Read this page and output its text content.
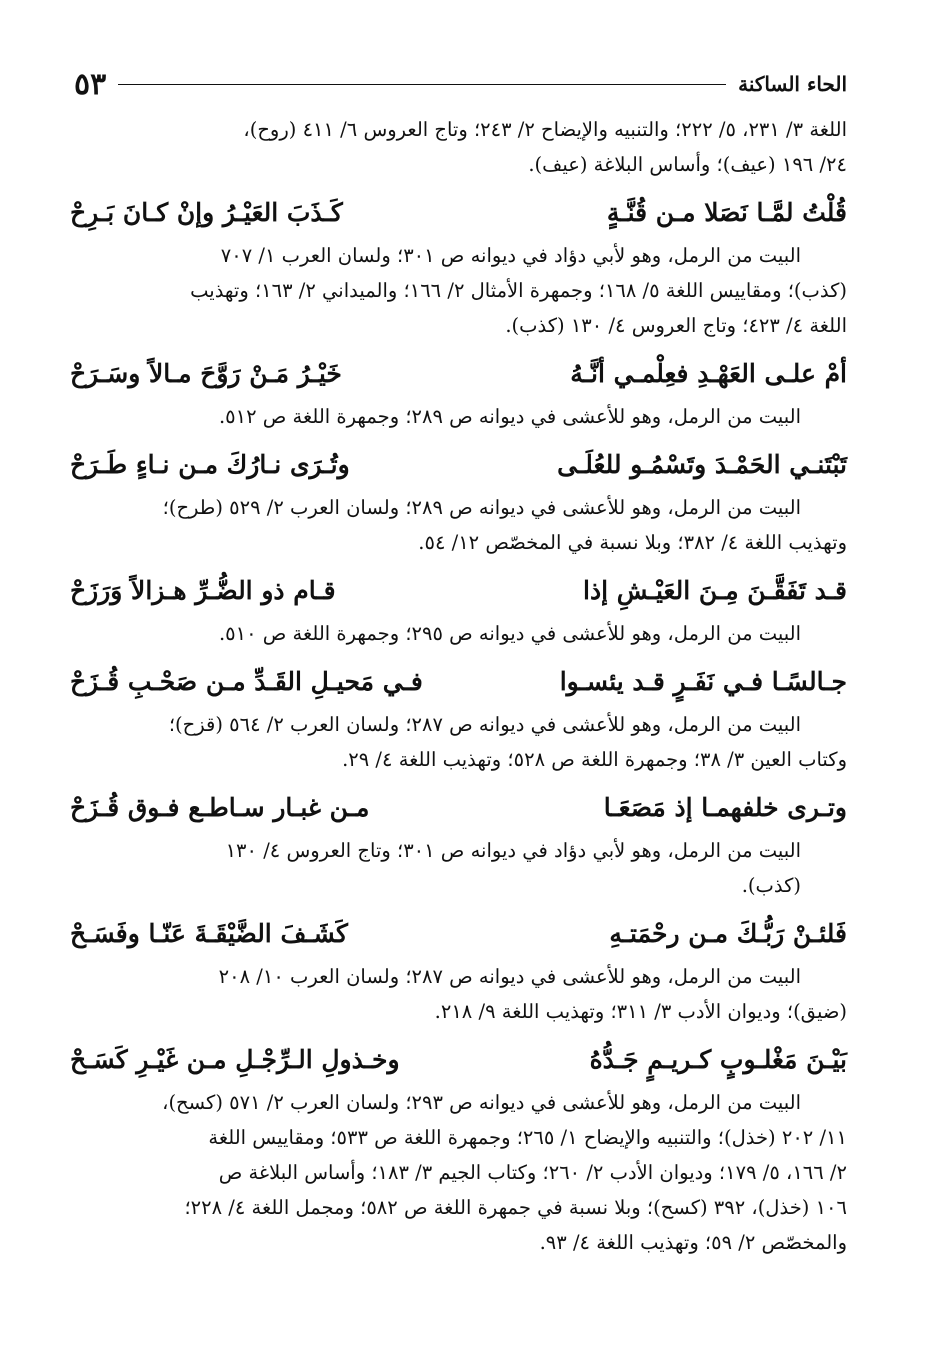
الحاء الساكنة
٥٣
اللغة ٣/ ٢٣١، ٥/ ٢٢٢؛ والتنبيه والإيضاح ٢/ ٢٤٣؛ وتاج العروس ٦/ ٤١١ (روح)،
٢٤/ ١٩٦ (عيف)؛ وأساس البلاغة (عيف).
قُلْتُ لمَّـا نَصَلا مـن قُنَّـةٍ
كَـذَبَ العَيْـرُ وإنْ كـانَ بَـرِحْ
البيت من الرمل، وهو لأبي دؤاد في ديوانه ص ٣٠١؛ ولسان العرب ١/ ٧٠٧
(كذب)؛ ومقاييس اللغة ٥/ ١٦٨؛ وجمهرة الأمثال ٢/ ١٦٦؛ والميداني ٢/ ١٦٣؛ وتهذيب
اللغة ٤/ ٤٢٣؛ وتاج العروس ٤/ ١٣٠ (كذب).
أمْ علـى العَهْـدِ فعِلْمـي أنَّـهُ
خَيْـرُ مَـنْ رَوَّحَ مـالاً وسَـرَحْ
البيت من الرمل، وهو للأعشى في ديوانه ص ٢٨٩؛ وجمهرة اللغة ص ٥١٢.
تَبْتَنـي الحَمْـدَ وتَسْمُـو للعُلَـى
وتُـرَى نـارُكَ مـن نـاءٍ طَـرَحْ
البيت من الرمل، وهو للأعشى في ديوانه ص ٢٨٩؛ ولسان العرب ٢/ ٥٢٩ (طرح)؛
وتهذيب اللغة ٤/ ٣٨٢؛ وبلا نسبة في المخصّص ١٢/ ٥٤.
قـد تَفَقَّـنَ مِـنَ العَيْـشِ إذا
قـام ذو الضُّـرِّ هـزالاً وَرَزَحْ
البيت من الرمل، وهو للأعشى في ديوانه ص ٢٩٥؛ وجمهرة اللغة ص ٥١٠.
جـالسًـا فـي نَفَـرٍ قـد يئسـوا
فـي مَحيـلِ القَـدِّ مـن صَحْـبِ قُـزَحْ
البيت من الرمل، وهو للأعشى في ديوانه ص ٢٨٧؛ ولسان العرب ٢/ ٥٦٤ (قزح)؛
وكتاب العين ٣/ ٣٨؛ وجمهرة اللغة ص ٥٢٨؛ وتهذيب اللغة ٤/ ٢٩.
وتـرى خلفهمـا إذ مَصَعَـا
مـن غبـار سـاطـع فـوق قُـزَحْ
البيت من الرمل، وهو لأبي دؤاد في ديوانه ص ٣٠١؛ وتاج العروس ٤/ ١٣٠
(كذب).
فَلئـنْ رَبُّـكَ مـن رحْمَتـهِ
كَشَـفَ الضَّيْقَـةَ عَنّـا وفَسَـحْ
البيت من الرمل، وهو للأعشى في ديوانه ص ٢٨٧؛ ولسان العرب ١٠/ ٢٠٨
(ضيق)؛ وديوان الأدب ٣/ ٣١١؛ وتهذيب اللغة ٩/ ٢١٨.
بَيْـنَ مَغْلـوبٍ كـريـمٍ جَـدُّهُ
وخـذولِ الـرِّجْـلِ مـن غَيْـرِ كَسَـحْ
البيت من الرمل، وهو للأعشى في ديوانه ص ٢٩٣؛ ولسان العرب ٢/ ٥٧١ (كسح)،
١١/ ٢٠٢ (خذل)؛ والتنبيه والإيضاح ١/ ٢٦٥؛ وجمهرة اللغة ص ٥٣٣؛ ومقاييس اللغة
٢/ ١٦٦، ٥/ ١٧٩؛ وديوان الأدب ٢/ ٢٦٠؛ وكتاب الجيم ٣/ ١٨٣؛ وأساس البلاغة ص
١٠٦ (خذل)، ٣٩٢ (كسح)؛ وبلا نسبة في جمهرة اللغة ص ٥٨٢؛ ومجمل اللغة ٤/ ٢٢٨؛
والمخصّص ٢/ ٥٩؛ وتهذيب اللغة ٤/ ٩٣.
